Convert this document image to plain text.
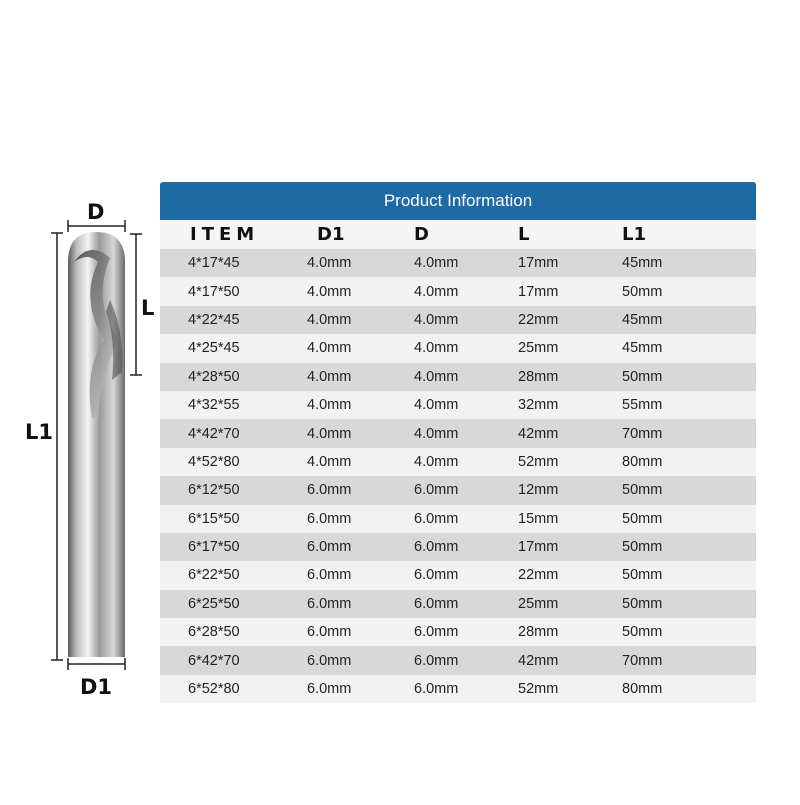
D
L
L1
D1
Product Information
ITEM	D1	D	L	L1
4*17*45	4.0mm	4.0mm	17mm	45mm
4*17*50	4.0mm	4.0mm	17mm	50mm
4*22*45	4.0mm	4.0mm	22mm	45mm
4*25*45	4.0mm	4.0mm	25mm	45mm
4*28*50	4.0mm	4.0mm	28mm	50mm
4*32*55	4.0mm	4.0mm	32mm	55mm
4*42*70	4.0mm	4.0mm	42mm	70mm
4*52*80	4.0mm	4.0mm	52mm	80mm
6*12*50	6.0mm	6.0mm	12mm	50mm
6*15*50	6.0mm	6.0mm	15mm	50mm
6*17*50	6.0mm	6.0mm	17mm	50mm
6*22*50	6.0mm	6.0mm	22mm	50mm
6*25*50	6.0mm	6.0mm	25mm	50mm
6*28*50	6.0mm	6.0mm	28mm	50mm
6*42*70	6.0mm	6.0mm	42mm	70mm
6*52*80	6.0mm	6.0mm	52mm	80mm
